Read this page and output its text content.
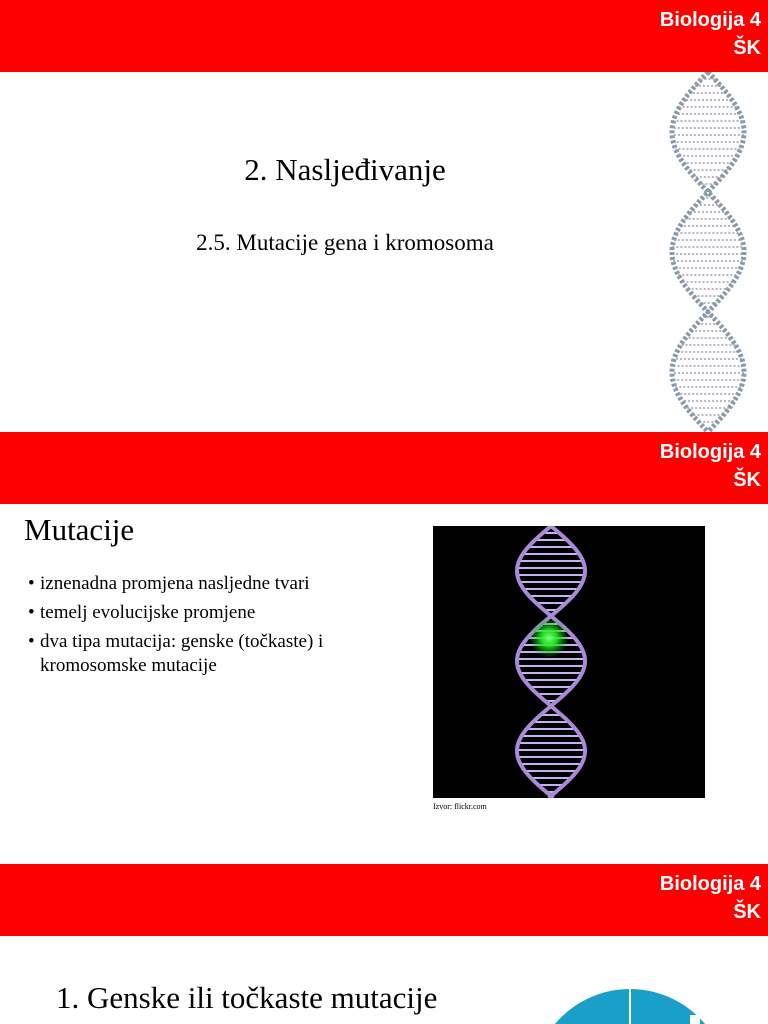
Biologija 4
ŠK
2. Nasljeđivanje
2.5. Mutacije gena i kromosoma
Biologija 4
ŠK
Mutacije
• iznenadna promjena nasljedne tvari
• temelj evolucijske promjene
• dva tipa mutacija: genske (točkaste) i kromosomske mutacije
Izvor: flickr.com
Biologija 4
ŠK
1. Genske ili točkaste mutacije
